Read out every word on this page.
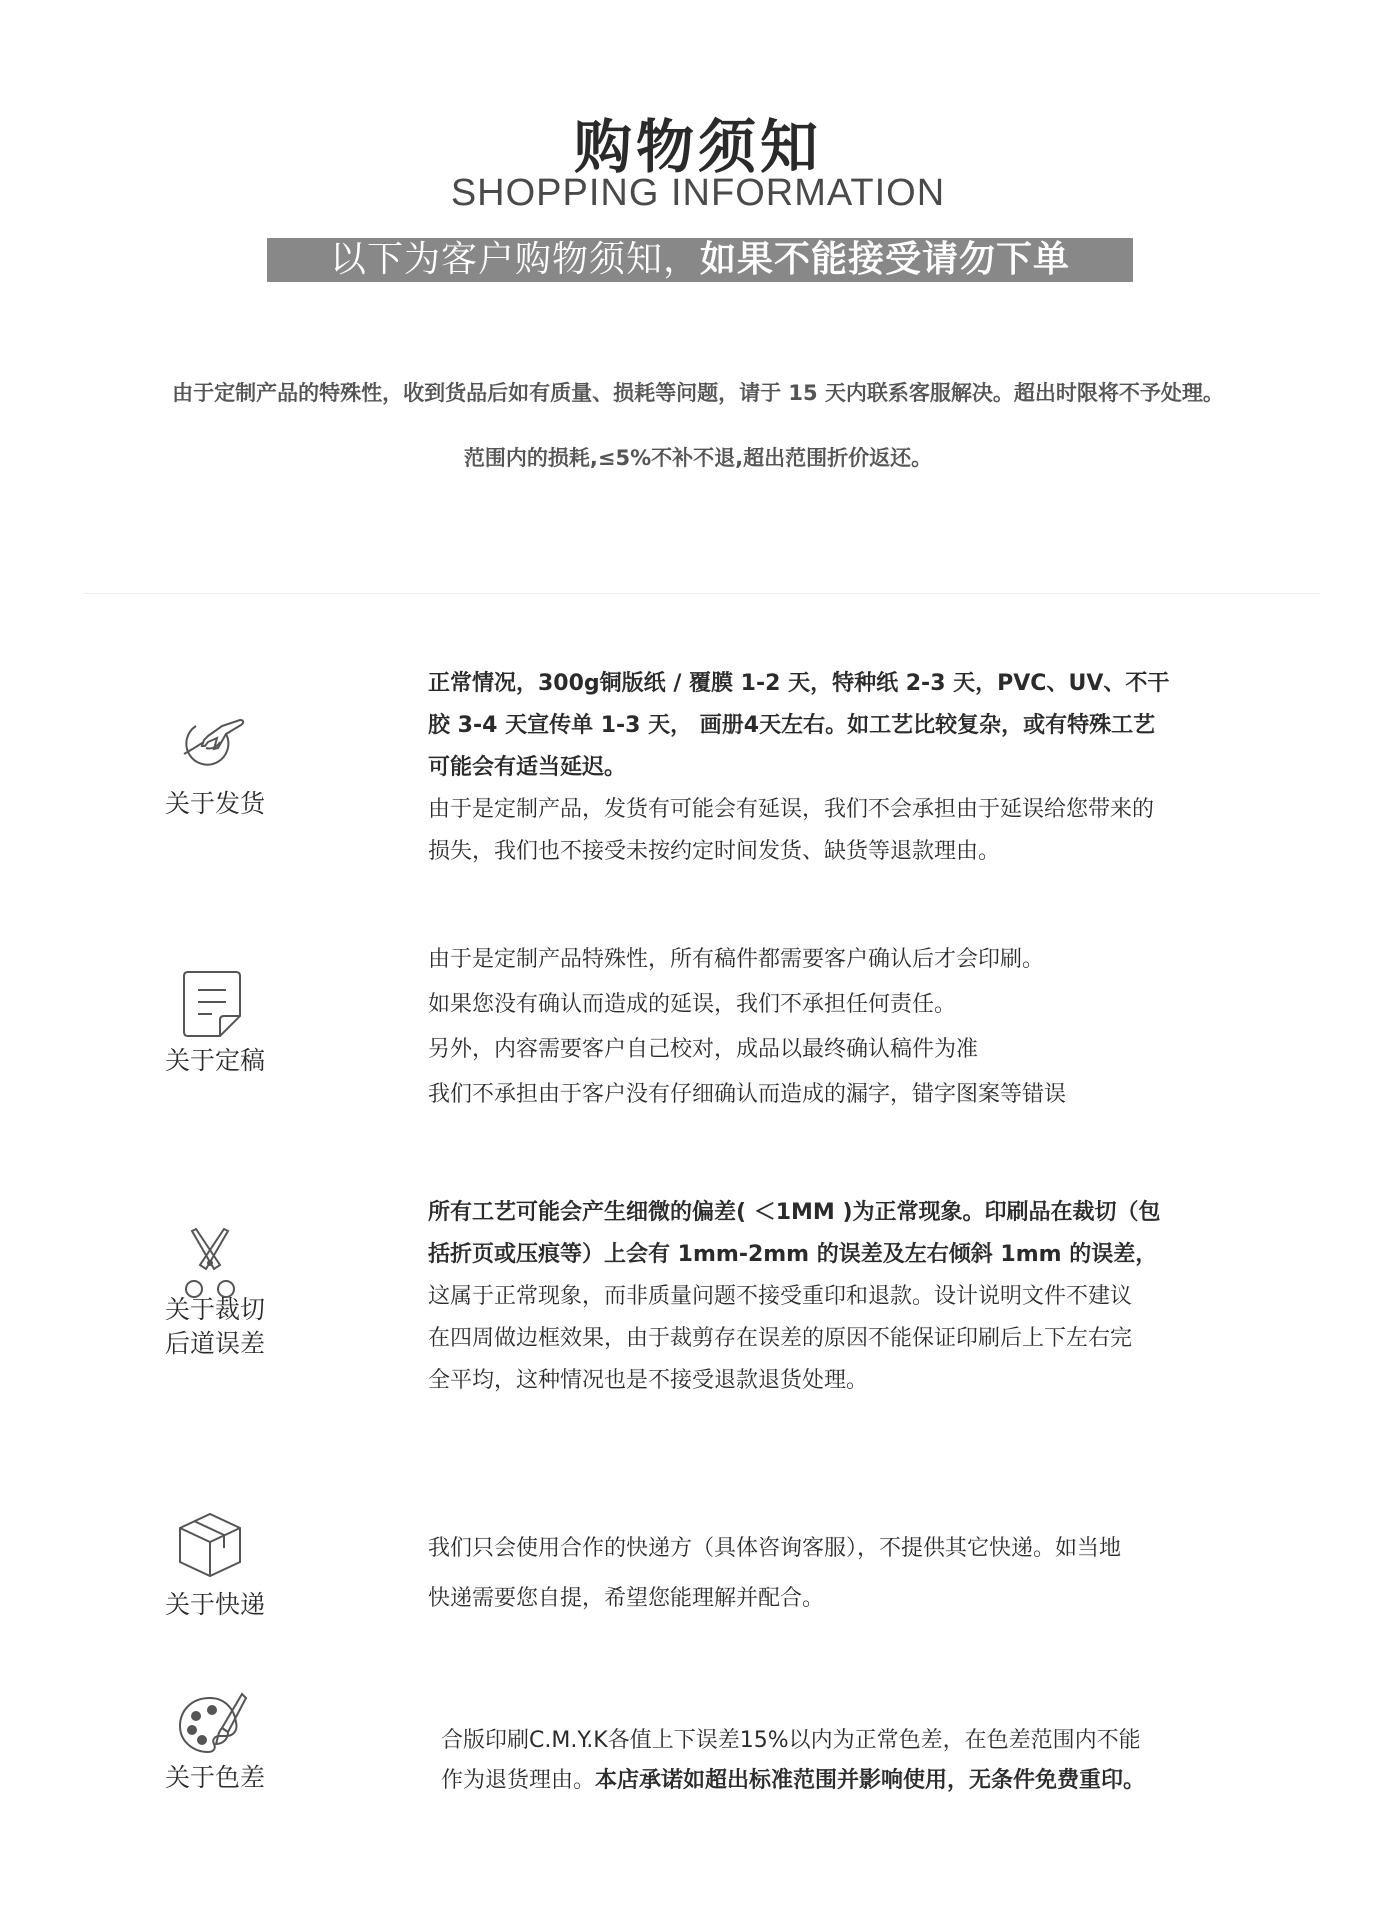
购物须知
SHOPPING INFORMATION
以下为客户购物须知，如果不能接受请勿下单
由于定制产品的特殊性，收到货品后如有质量、损耗等问题，请于 15 天内联系客服解决。超出时限将不予处理。
范围内的损耗,≤5%不补不退,超出范围折价返还。
关于发货

正常情况，300g铜版纸 / 覆膜 1-2 天，特种纸 2-3 天，PVC、UV、不干

胶 3-4 天宣传单 1-3 天， 画册4天左右。如工艺比较复杂，或有特殊工艺

可能会有适当延迟。

由于是定制产品，发货有可能会有延误，我们不会承担由于延误给您带来的

损失，我们也不接受未按约定时间发货、缺货等退款理由。

关于定稿

由于是定制产品特殊性，所有稿件都需要客户确认后才会印刷。

如果您没有确认而造成的延误，我们不承担任何责任。

另外，内容需要客户自己校对，成品以最终确认稿件为准

我们不承担由于客户没有仔细确认而造成的漏字，错字图案等错误

关于裁切
后道误差

所有工艺可能会产生细微的偏差( ＜1MM )为正常现象。印刷品在裁切（包

括折页或压痕等）上会有 1mm-2mm 的误差及左右倾斜 1mm 的误差，

这属于正常现象，而非质量问题不接受重印和退款。设计说明文件不建议

在四周做边框效果，由于裁剪存在误差的原因不能保证印刷后上下左右完

全平均，这种情况也是不接受退款退货处理。

关于快递

我们只会使用合作的快递方（具体咨询客服），不提供其它快递。如当地

快递需要您自提，希望您能理解并配合。

关于色差

合版印刷C.M.Y.K各值上下误差15%以内为正常色差，在色差范围内不能

作为退货理由。本店承诺如超出标准范围并影响使用，无条件免费重印。
